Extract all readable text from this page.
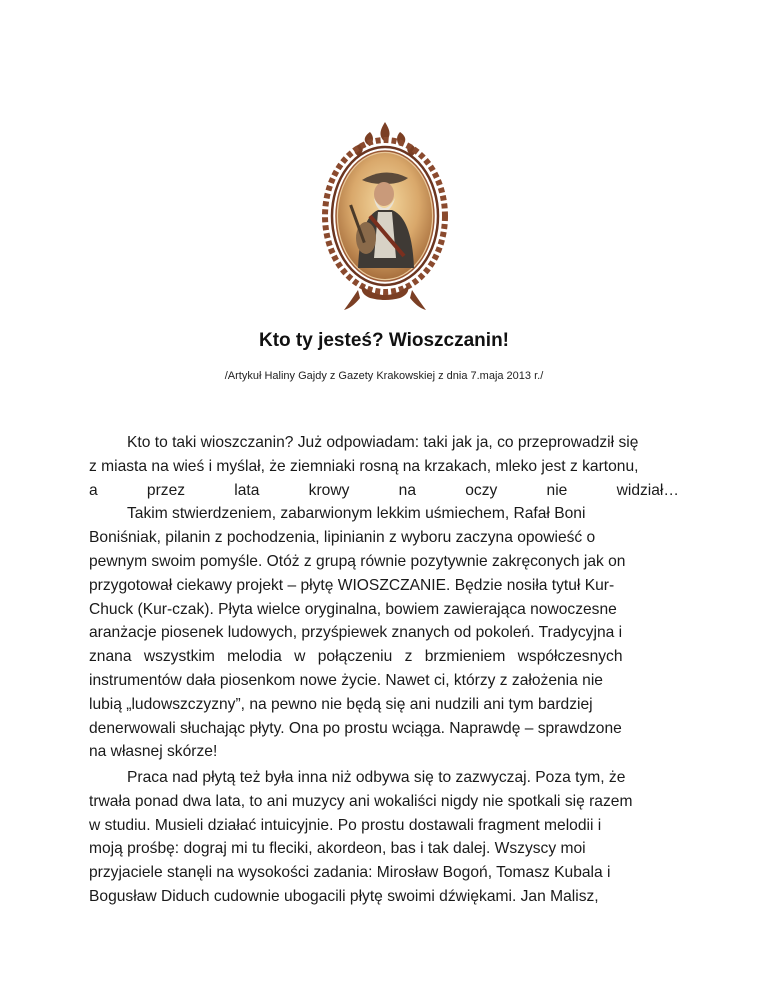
Kto ty jesteś? Wioszczanin!
/Artykuł Haliny Gajdy z Gazety Krakowskiej z dnia 7.maja 2013 r./
Kto to taki wioszczanin? Już odpowiadam: taki jak ja, co przeprowadził się
z miasta na wieś i myślał, że ziemniaki rosną na krzakach, mleko jest z kartonu,
a przez lata krowy na oczy nie widział…
Takim stwierdzeniem, zabarwionym lekkim uśmiechem, Rafał Boni
Boniśniak, pilanin z pochodzenia, lipinianin z wyboru zaczyna opowieść o
pewnym swoim pomyśle. Otóż z grupą równie pozytywnie zakręconych jak on
przygotował ciekawy projekt – płytę WIOSZCZANIE. Będzie nosiła tytuł Kur-
Chuck (Kur-czak). Płyta wielce oryginalna, bowiem zawierająca nowoczesne
aranżacje piosenek ludowych, przyśpiewek znanych od pokoleń. Tradycyjna i
znana wszystkim melodia w połączeniu z brzmieniem współczesnych
instrumentów dała piosenkom nowe życie. Nawet ci, którzy z założenia nie
lubią „ludowszczyzny”, na pewno nie będą się ani nudzili ani tym bardziej
denerwowali słuchając płyty. Ona po prostu wciąga. Naprawdę – sprawdzone
na własnej skórze!
Praca nad płytą też była inna niż odbywa się to zazwyczaj. Poza tym, że
trwała ponad dwa lata, to ani muzycy ani wokaliści nigdy nie spotkali się razem
w studiu. Musieli działać intuicyjnie. Po prostu dostawali fragment melodii i
moją prośbę: dograj mi tu fleciki, akordeon, bas i tak dalej. Wszyscy moi
przyjaciele stanęli na wysokości zadania: Mirosław Bogoń, Tomasz Kubala i
Bogusław Diduch cudownie ubogacili płytę swoimi dźwiękami. Jan Malisz,
